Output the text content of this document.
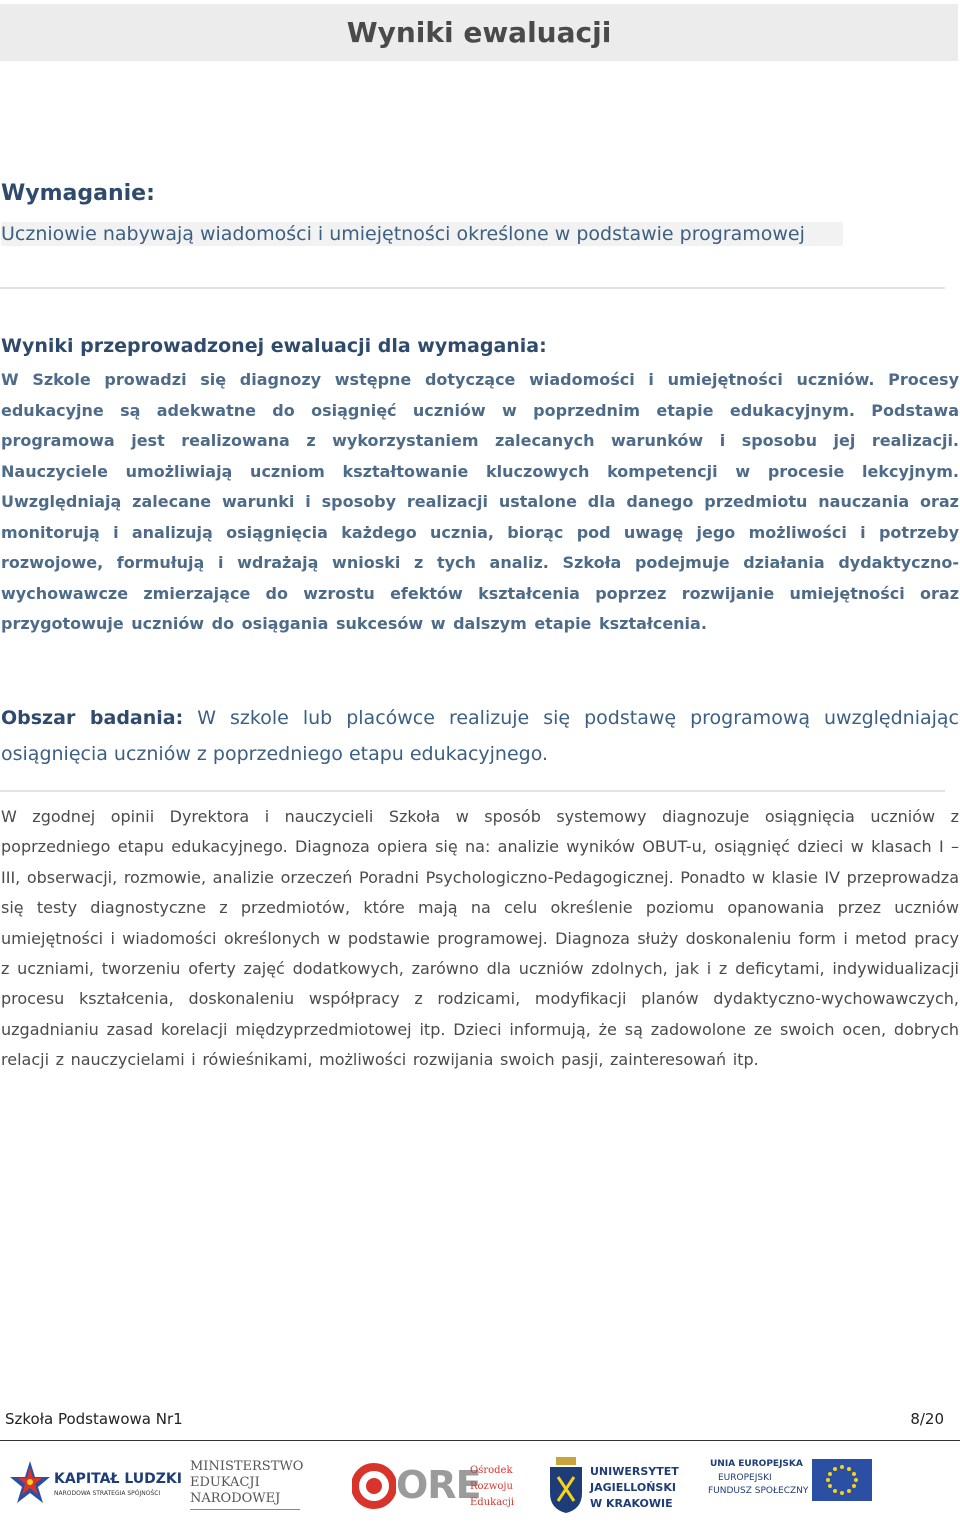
Wyniki ewaluacji
Wymaganie:
Uczniowie nabywają wiadomości i umiejętności określone w podstawie programowej
Wyniki przeprowadzonej ewaluacji dla wymagania:

W Szkole prowadzi się diagnozy wstępne dotyczące wiadomości i umiejętności uczniów. Procesy edukacyjne są adekwatne do osiągnięć uczniów w poprzednim etapie edukacyjnym. Podstawa programowa jest realizowana z wykorzystaniem zalecanych warunków i sposobu jej realizacji. Nauczyciele umożliwiają uczniom kształtowanie kluczowych kompetencji w procesie lekcyjnym. Uwzględniają zalecane warunki i sposoby realizacji ustalone dla danego przedmiotu nauczania oraz monitorują i analizują osiągnięcia każdego ucznia, biorąc pod uwagę jego możliwości i potrzeby rozwojowe, formułują i wdrażają wnioski z tych analiz. Szkoła podejmuje działania dydaktyczno-wychowawcze zmierzające do wzrostu efektów kształcenia poprzez rozwijanie umiejętności oraz przygotowuje uczniów do osiągania sukcesów w dalszym etapie kształcenia.

Obszar badania: W szkole lub placówce realizuje się podstawę programową uwzględniając osiągnięcia uczniów z poprzedniego etapu edukacyjnego.

W zgodnej opinii Dyrektora i nauczycieli Szkoła w sposób systemowy diagnozuje osiągnięcia uczniów z poprzedniego etapu edukacyjnego. Diagnoza opiera się na: analizie wyników OBUT-u, osiągnięć dzieci w klasach I – III, obserwacji, rozmowie, analizie orzeczeń Poradni Psychologiczno-Pedagogicznej. Ponadto w klasie IV przeprowadza się testy diagnostyczne z przedmiotów, które mają na celu określenie poziomu opanowania przez uczniów umiejętności i wiadomości określonych w podstawie programowej. Diagnoza służy doskonaleniu form i metod pracy z uczniami, tworzeniu oferty zajęć dodatkowych, zarówno dla uczniów zdolnych, jak i z deficytami, indywidualizacji procesu kształcenia, doskonaleniu współpracy z rodzicami, modyfikacji planów dydaktyczno-wychowawczych, uzgadnianiu zasad korelacji międzyprzedmiotowej itp. Dzieci informują, że są zadowolone ze swoich ocen, dobrych relacji z nauczycielami i rówieśnikami, możliwości rozwijania swoich pasji, zainteresowań itp.

Szkoła Podstawowa Nr1	8/20
KAPITAŁ LUDZKI
NARODOWA STRATEGIA SPÓJNOŚCI
MINISTERSTWO
EDUKACJI
NARODOWEJ	ORE
Ośrodek
Rozwoju
Edukacji
UNIWERSYTET
JAGIELLOŃSKI
W KRAKOWIE
UNIA EUROPEJSKA
EUROPEJSKI
FUNDUSZ SPOŁECZNY
